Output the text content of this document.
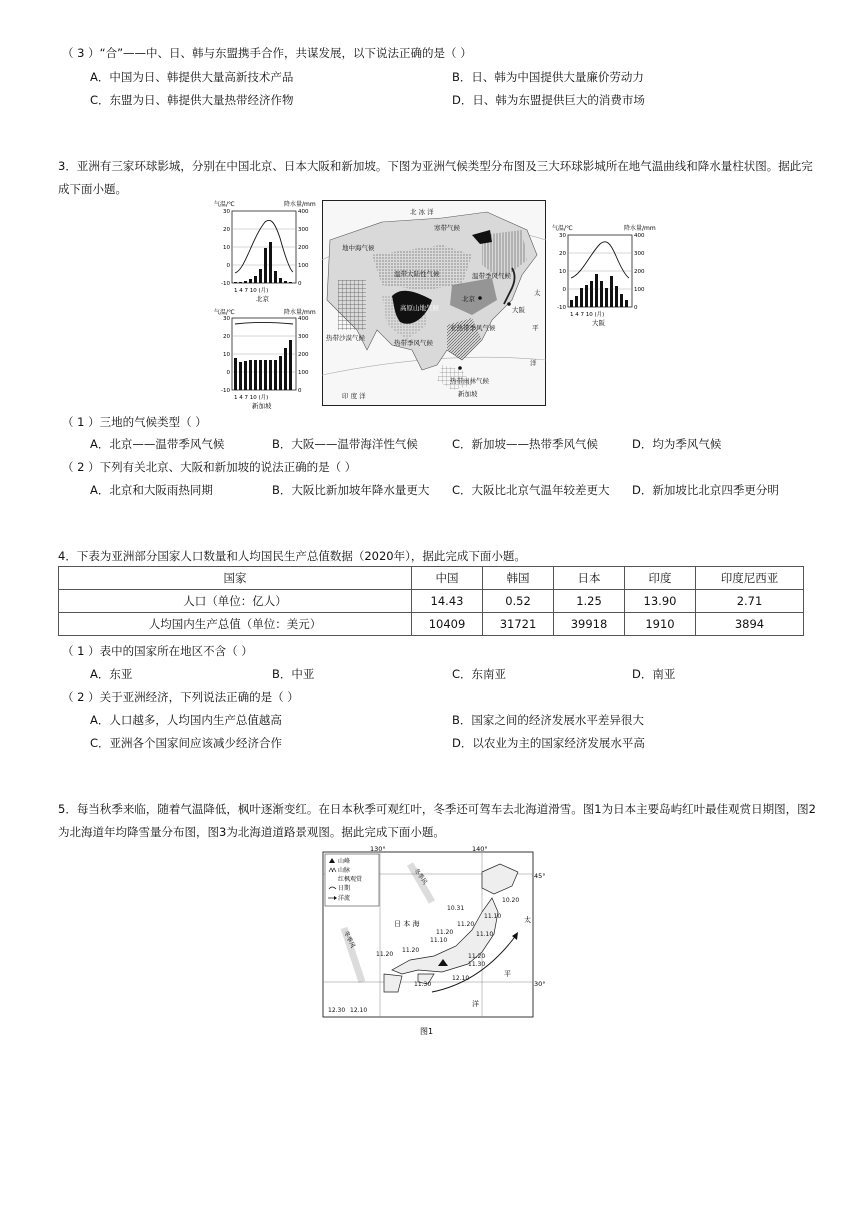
（ 3 ）“合”——中、日、韩与东盟携手合作，共谋发展，以下说法正确的是（ ）
A．中国为日、韩提供大量高新技术产品	B．日、韩为中国提供大量廉价劳动力
C．东盟为日、韩提供大量热带经济作物	D．日、韩为东盟提供巨大的消费市场
3．亚洲有三家环球影城，分别在中国北京、日本大阪和新加坡。下图为亚洲气候类型分布图及三大环球影城所在地气温曲线和降水量柱状图。据此完
成下面小题。
气温/℃	降水量/mm
30
20
10
0
-10
400
300
200
100
0
1 4 7 10 (月)
北京
气温/℃	降水量/mm
30
20
10
0
-10
400
300
200
100
0
1 4 7 10 (月)
新加坡
北 冰 洋
寒带气候
地中海气候
温带大陆性气候	温带季风气候
北京
大阪
高原山地气候
亚热带季风气候
热带季风气候
热带沙漠气候
热带雨林气候
新加坡
印 度 洋
太
平
洋
气温/℃	降水量/mm
30
20
10
0
-10
400
300
200
100
0
1 4 7 10 (月)
大阪
（ 1 ）三地的气候类型（ ）
A．北京——温带季风气候	B．大阪——温带海洋性气候	C．新加坡——热带季风气候	D．均为季风气候
（ 2 ）下列有关北京、大阪和新加坡的说法正确的是（ ）
A．北京和大阪雨热同期	B．大阪比新加坡年降水量更大 C．大阪比北京气温年较差更大 D．新加坡比北京四季更分明
4．下表为亚洲部分国家人口数量和人均国民生产总值数据（2020年），据此完成下面小题。
国家	中国	韩国	日本	印度	印度尼西亚
人口（单位：亿人）	14.43	0.52	1.25	13.90	2.71
人均国内生产总值（单位：美元）	10409	31721	39918	1910	3894
（ 1 ）表中的国家所在地区不含（ ）
A．东亚	B．中亚	C．东南亚	D．南亚
（ 2 ）关于亚洲经济，下列说法正确的是（ ）
A．人口越多，人均国内生产总值越高	B．国家之间的经济发展水平差异很大
C．亚洲各个国家间应该减少经济合作	D．以农业为主的国家经济发展水平高
5．每当秋季来临，随着气温降低，枫叶逐渐变红。在日本秋季可观红叶，冬季还可驾车去北海道滑雪。图1为日本主要岛屿红叶最佳观赏日期图，图2
为北海道年均降雪量分布图，图3为北海道道路景观图。据此完成下面小题。
130°	140°
45°
30°
山峰
山脉
红枫观赏
日期
洋流
冬季风
冬季风
日 本 海
10.31
10.20
11.10
11.20
11.10
11.20
11.20
11.20
11.20
11.30
11.30
12.10
12.30 12.10
11.10
太
平
洋
图1
